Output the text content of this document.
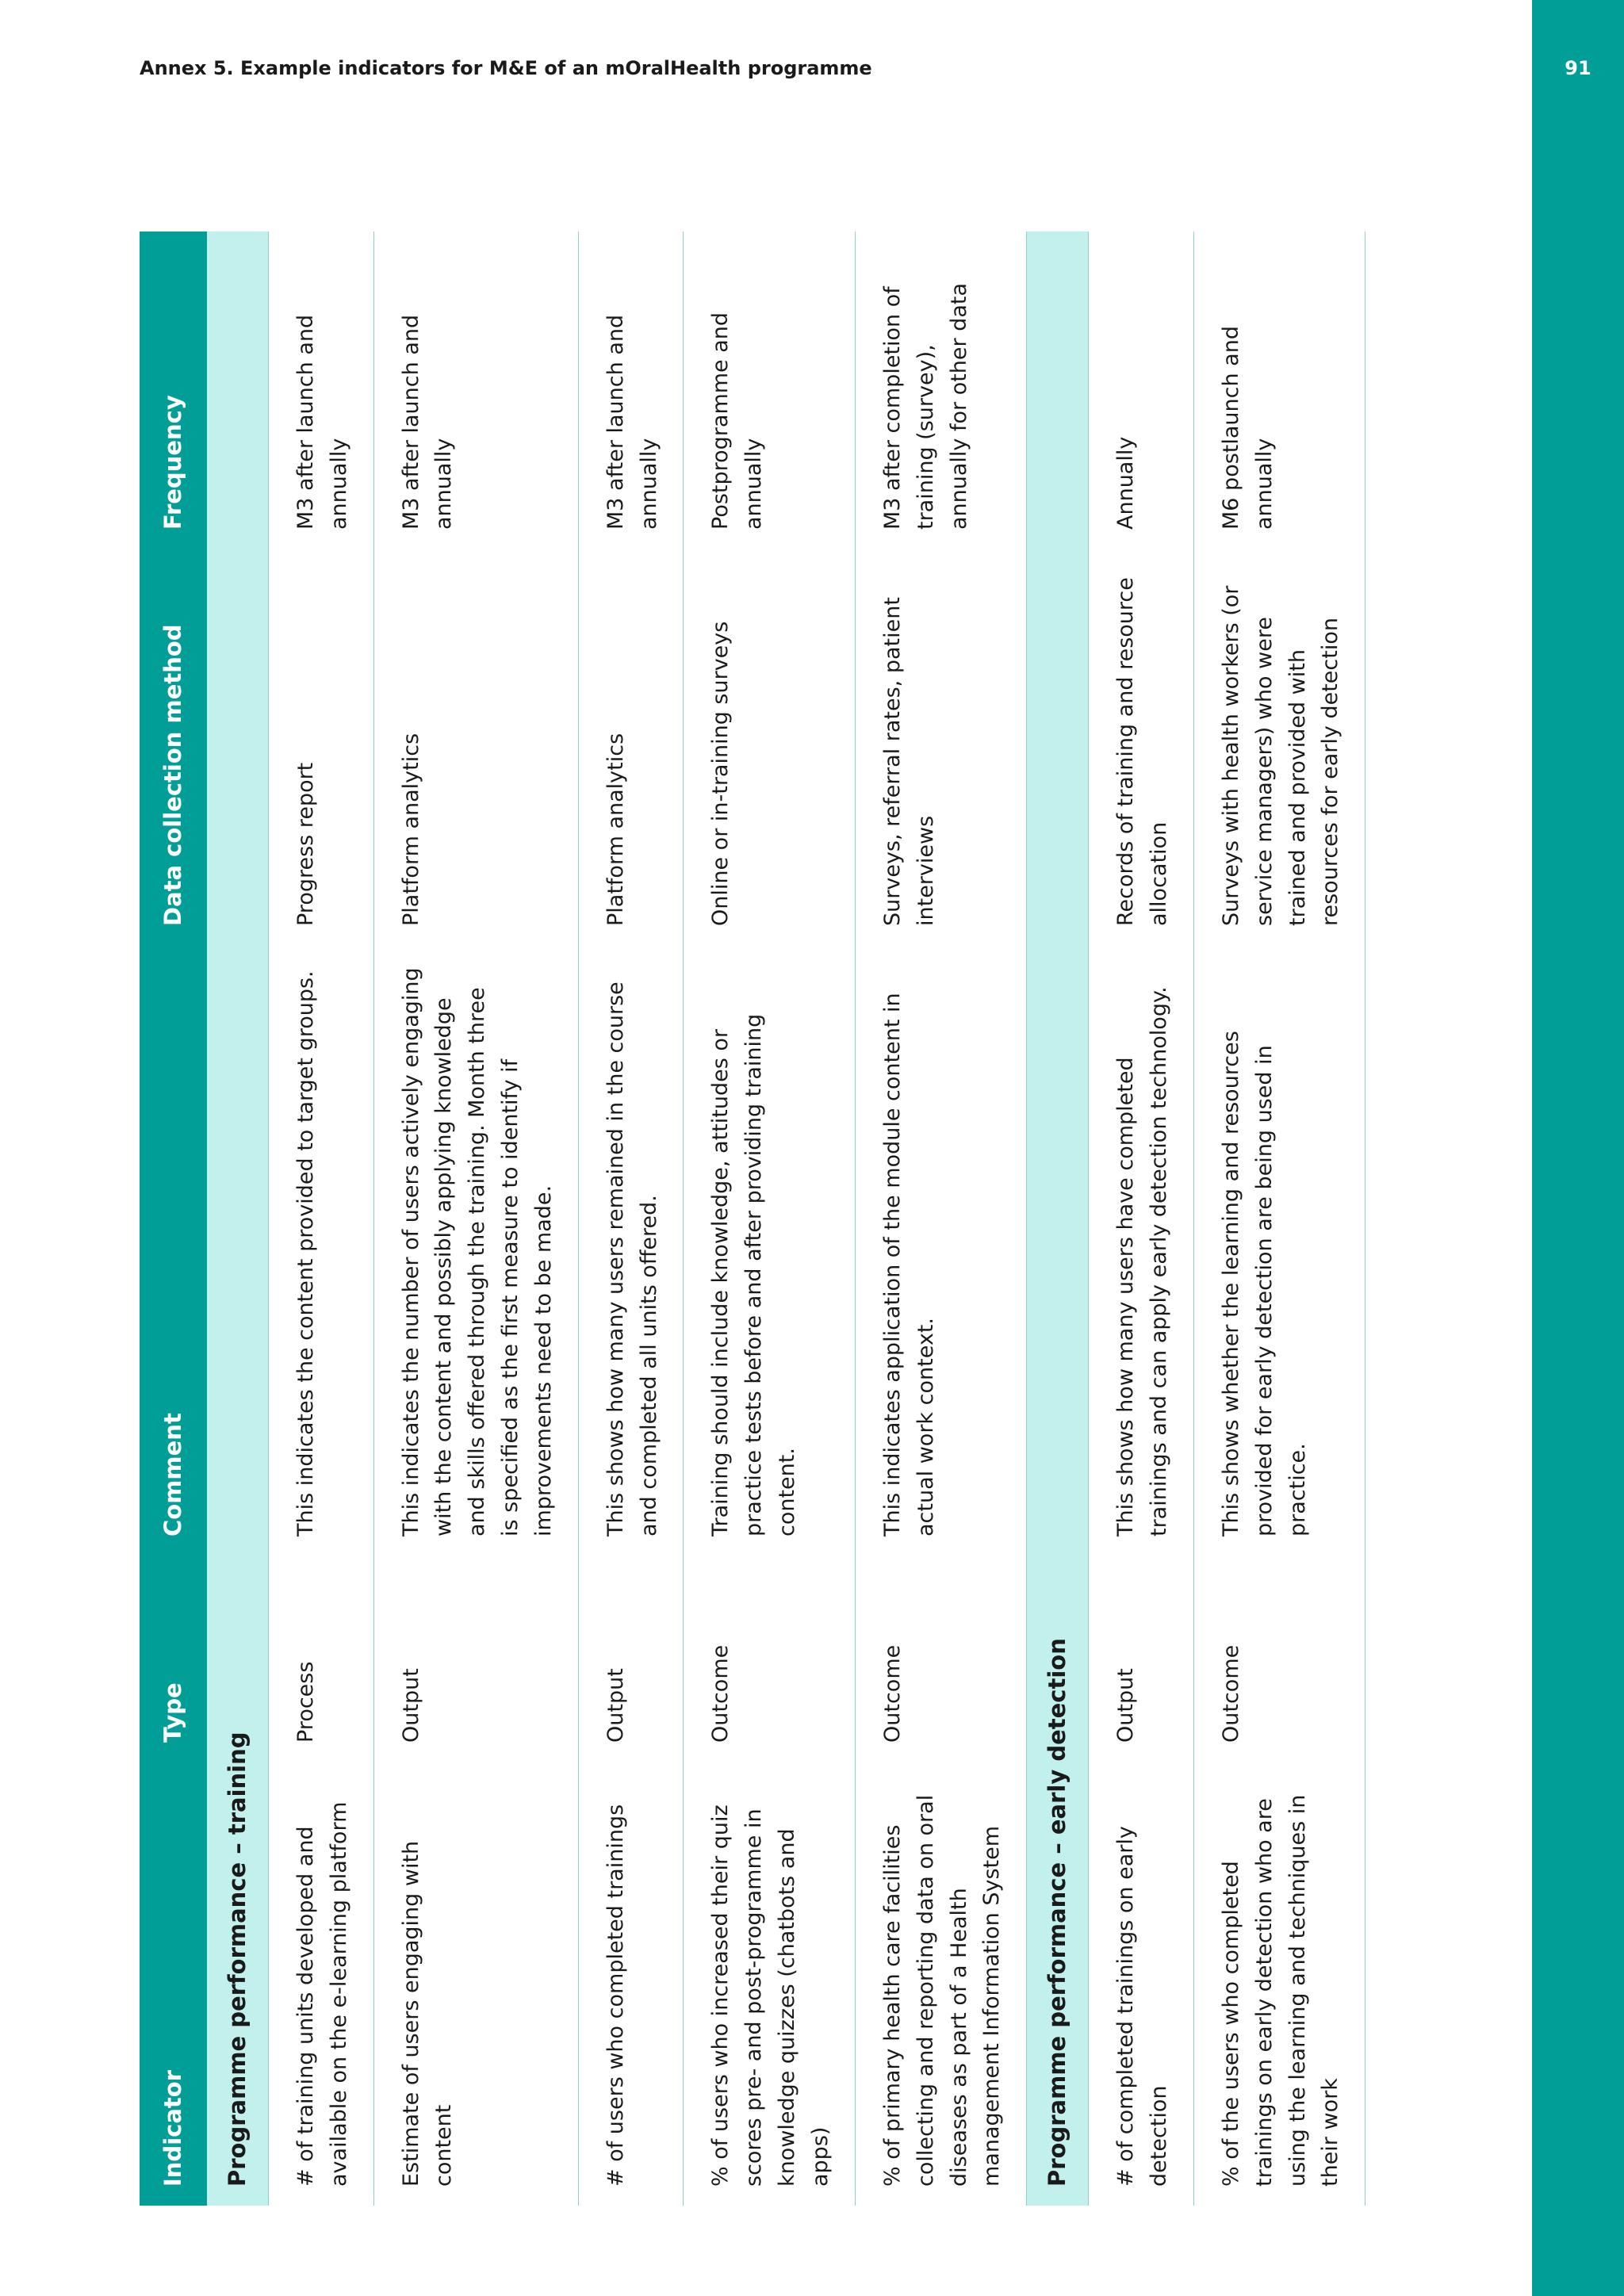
91
Annex 5. Example indicators for M&E of an mOralHealth programme
Indicator	Type	Comment	Data collection method	Frequency
Programme performance – training				
# of training units developed and available on the e-learning platform	Process	This indicates the content provided to target groups.	Progress report	M3 after launch and annually
Estimate of users engaging with content	Output	This indicates the number of users actively engaging with the content and possibly applying knowledge and skills offered through the training. Month three is specified as the first measure to identify if improvements need to be made.	Platform analytics	M3 after launch and annually
# of users who completed trainings	Output	This shows how many users remained in the course and completed all units offered.	Platform analytics	M3 after launch and annually
% of users who increased their quiz scores pre- and post-programme in knowledge quizzes (chatbots and apps)	Outcome	Training should include knowledge, attitudes or practice tests before and after providing training content.	Online or in-training surveys	Postprogramme and annually
% of primary health care facilities collecting and reporting data on oral diseases as part of a Health management Information System	Outcome	This indicates application of the module content in actual work context.	Surveys, referral rates, patient interviews	M3 after completion of training (survey), annually for other data
Programme performance – early detection				
# of completed trainings on early detection	Output	This shows how many users have completed trainings and can apply early detection technology.	Records of training and resource allocation	Annually
% of the users who completed trainings on early detection who are using the learning and techniques in their work	Outcome	This shows whether the learning and resources provided for early detection are being used in practice.	Surveys with health workers (or service managers) who were trained and provided with resources for early detection	M6 postlaunch and annually
